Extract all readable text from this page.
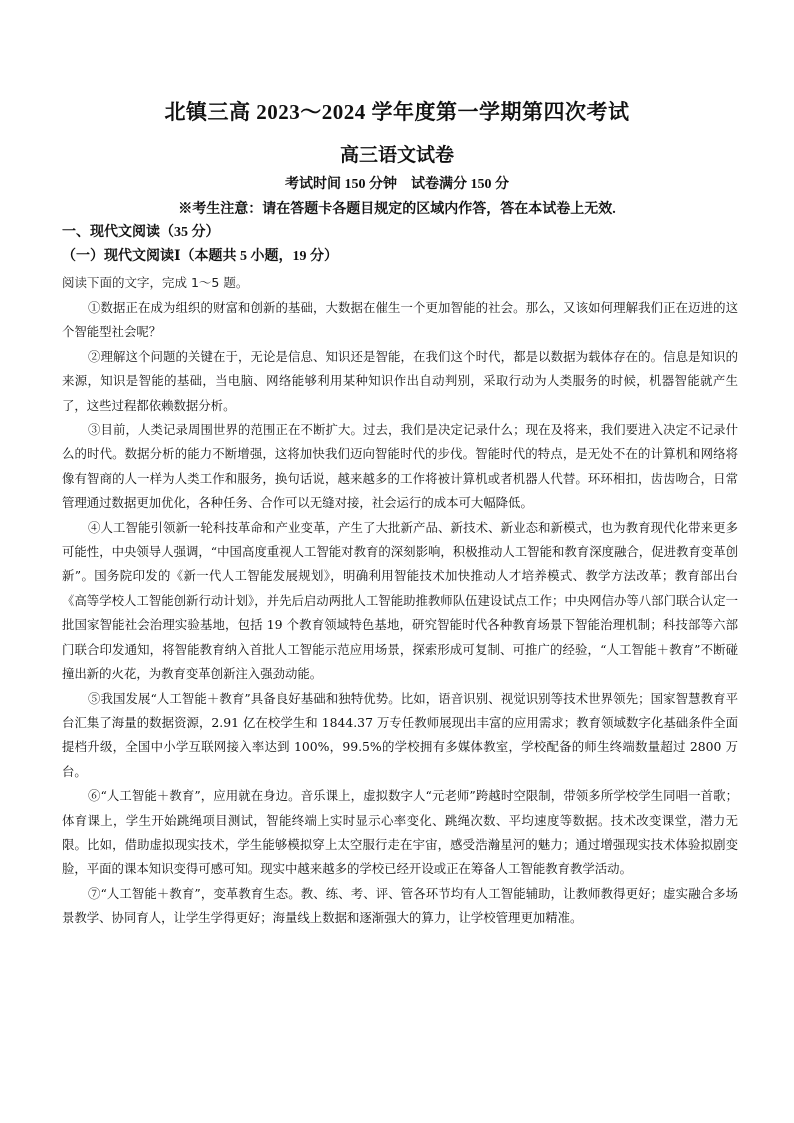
北镇三高 2023～2024 学年度第一学期第四次考试
高三语文试卷
考试时间 150 分钟    试卷满分 150 分
※考生注意：请在答题卡各题目规定的区域内作答，答在本试卷上无效.
一、现代文阅读（35 分）
（一）现代文阅读Ⅰ（本题共 5 小题，19 分）
阅读下面的文字，完成 1～5 题。

①数据正在成为组织的财富和创新的基础，大数据在催生一个更加智能的社会。那么，又该如何理解我们正在迈进的这个智能型社会呢？

②理解这个问题的关键在于，无论是信息、知识还是智能，在我们这个时代，都是以数据为载体存在的。信息是知识的来源，知识是智能的基础，当电脑、网络能够利用某种知识作出自动判别，采取行动为人类服务的时候，机器智能就产生了，这些过程都依赖数据分析。

③目前，人类记录周围世界的范围正在不断扩大。过去，我们是决定记录什么；现在及将来，我们要进入决定不记录什么的时代。数据分析的能力不断增强，这将加快我们迈向智能时代的步伐。智能时代的特点，是无处不在的计算机和网络将像有智商的人一样为人类工作和服务，换句话说，越来越多的工作将被计算机或者机器人代替。环环相扣，齿齿吻合，日常管理通过数据更加优化，各种任务、合作可以无缝对接，社会运行的成本可大幅降低。

④人工智能引领新一轮科技革命和产业变革，产生了大批新产品、新技术、新业态和新模式，也为教育现代化带来更多可能性，中央领导人强调，“中国高度重视人工智能对教育的深刻影响，积极推动人工智能和教育深度融合，促进教育变革创新”。国务院印发的《新一代人工智能发展规划》，明确利用智能技术加快推动人才培养模式、教学方法改革；教育部出台《高等学校人工智能创新行动计划》，并先后启动两批人工智能助推教师队伍建设试点工作；中央网信办等八部门联合认定一批国家智能社会治理实验基地，包括 19 个教育领域特色基地，研究智能时代各种教育场景下智能治理机制；科技部等六部门联合印发通知，将智能教育纳入首批人工智能示范应用场景，探索形成可复制、可推广的经验，“人工智能＋教育”不断碰撞出新的火花，为教育变革创新注入强劲动能。

⑤我国发展“人工智能＋教育”具备良好基础和独特优势。比如，语音识别、视觉识别等技术世界领先；国家智慧教育平台汇集了海量的数据资源，2.91 亿在校学生和 1844.37 万专任教师展现出丰富的应用需求；教育领域数字化基础条件全面提档升级，全国中小学互联网接入率达到 100%，99.5%的学校拥有多媒体教室，学校配备的师生终端数量超过 2800 万台。

⑥“人工智能＋教育”，应用就在身边。音乐课上，虚拟数字人“元老师”跨越时空限制，带领多所学校学生同唱一首歌；体育课上，学生开始跳绳项目测试，智能终端上实时显示心率变化、跳绳次数、平均速度等数据。技术改变课堂，潜力无限。比如，借助虚拟现实技术，学生能够模拟穿上太空服行走在宇宙，感受浩瀚星河的魅力；通过增强现实技术体验拟剧变脸，平面的课本知识变得可感可知。现实中越来越多的学校已经开设或正在筹备人工智能教育教学活动。

⑦“人工智能＋教育”，变革教育生态。教、练、考、评、管各环节均有人工智能辅助，让教师教得更好；虚实融合多场景教学、协同育人，让学生学得更好；海量线上数据和逐渐强大的算力，让学校管理更加精准。
